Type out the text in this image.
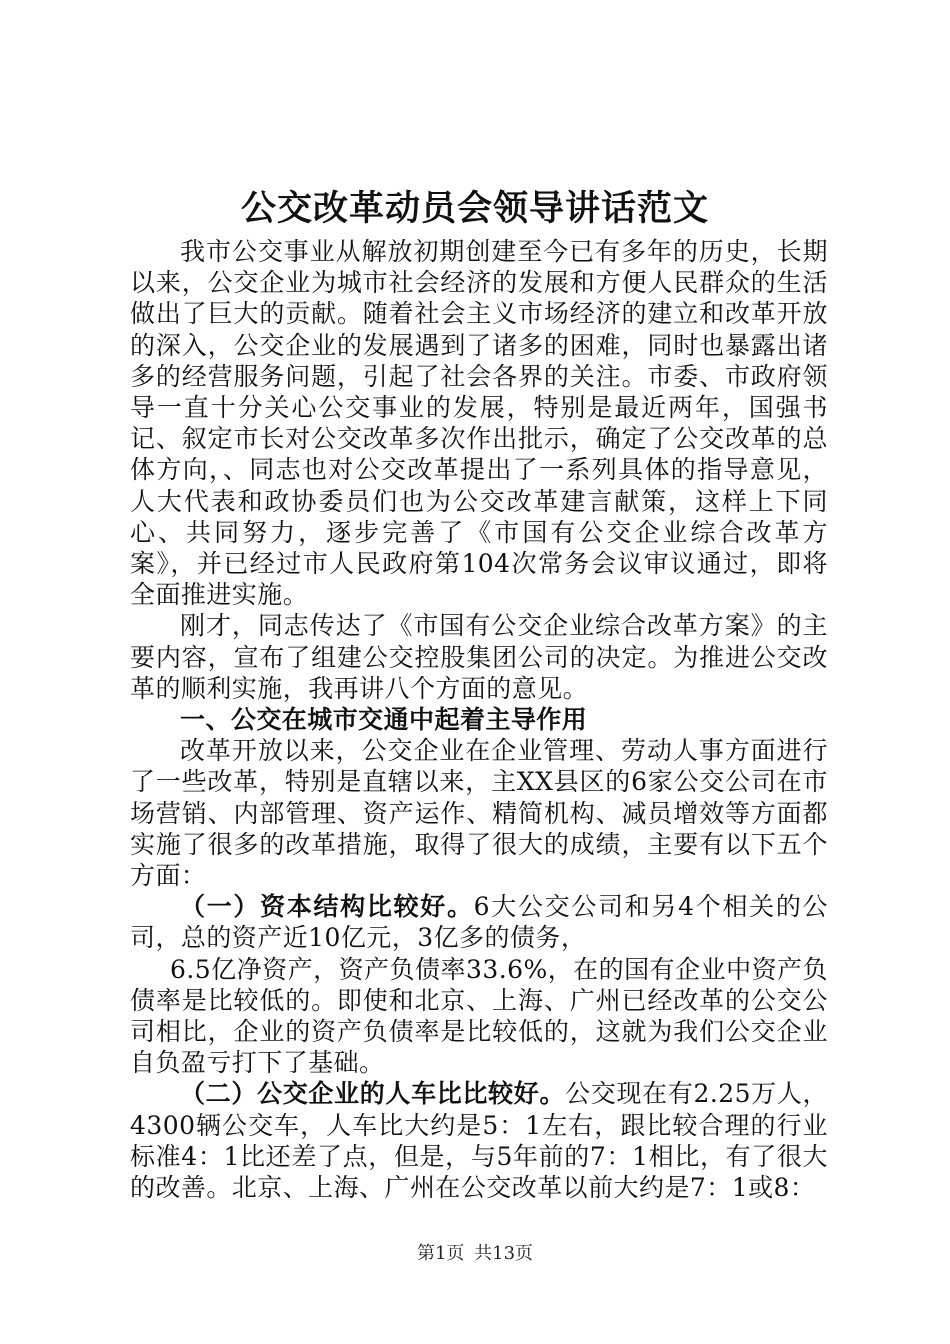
公交改革动员会领导讲话范文

我市公交事业从解放初期创建至今已有多年的历史，长期以来，公交企业为城市社会经济的发展和方便人民群众的生活做出了巨大的贡献。随着社会主义市场经济的建立和改革开放的深入，公交企业的发展遇到了诸多的困难，同时也暴露出诸多的经营服务问题，引起了社会各界的关注。市委、市政府领导一直十分关心公交事业的发展，特别是最近两年，国强书记、叙定市长对公交改革多次作出批示，确定了公交改革的总体方向，、同志也对公交改革提出了一系列具体的指导意见，人大代表和政协委员们也为公交改革建言献策，这样上下同心、共同努力，逐步完善了《市国有公交企业综合改革方案》，并已经过市人民政府第104次常务会议审议通过，即将全面推进实施。

刚才，同志传达了《市国有公交企业综合改革方案》的主要内容，宣布了组建公交控股集团公司的决定。为推进公交改革的顺利实施，我再讲八个方面的意见。

一、公交在城市交通中起着主导作用

改革开放以来，公交企业在企业管理、劳动人事方面进行了一些改革，特别是直辖以来，主XX县区的6家公交公司在市场营销、内部管理、资产运作、精简机构、减员增效等方面都实施了很多的改革措施，取得了很大的成绩，主要有以下五个方面：

（一）资本结构比较好。6大公交公司和另4个相关的公司，总的资产近10亿元，3亿多的债务，

6.5亿净资产，资产负债率33.6%，在的国有企业中资产负债率是比较低的。即使和北京、上海、广州已经改革的公交公司相比，企业的资产负债率是比较低的，这就为我们公交企业自负盈亏打下了基础。

（二）公交企业的人车比比较好。公交现在有2.25万人，4300辆公交车，人车比大约是5：1左右，跟比较合理的行业标准4：1比还差了点，但是，与5年前的7：1相比，有了很大的改善。北京、上海、广州在公交改革以前大约是7：1或8：

第1页 共13页
